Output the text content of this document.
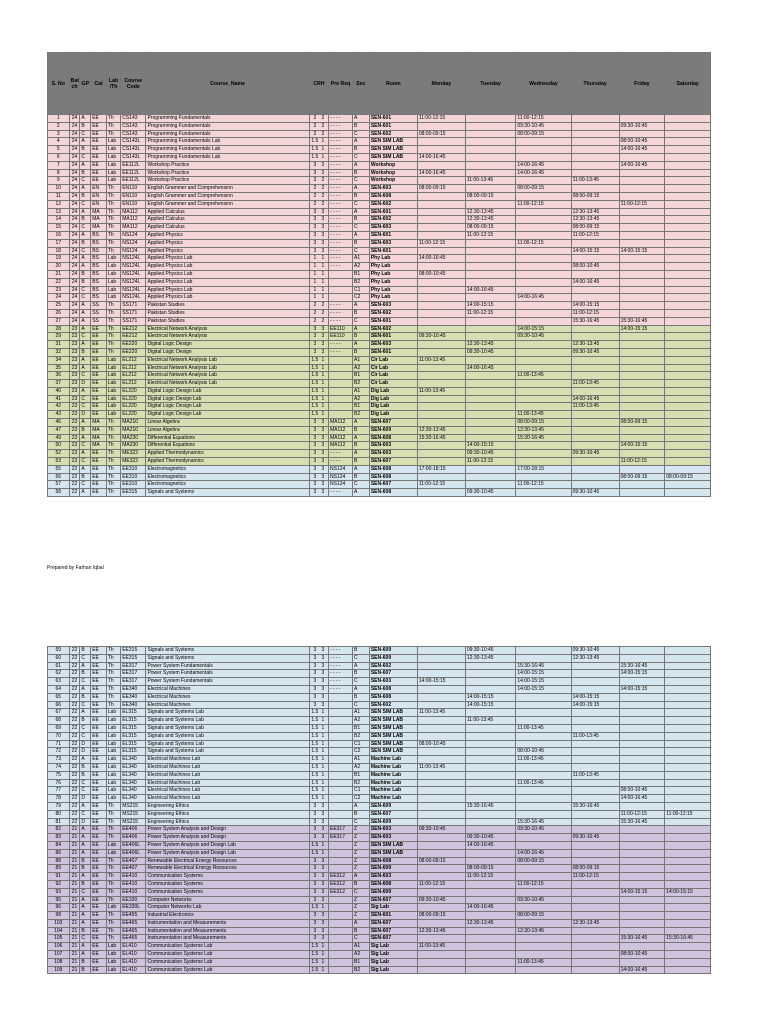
S. No	Bat ch	GP	Cat	Lab /Th	Course Code	Course_Name	CRH	Pre Req	Sec	Room	Monday	Tuesday	Wednesday	Thursday	Friday	Saturday
1	24	A	EE	Th	CS143	Programming Fundamentals	2 2	- - - -	A	SEN-601	11:00-12:15		11:00-12:15			
2	24	B	EE	Th	CS143	Programming Fundamentals	2 2	- - - -	B	SEN-601			09:30-10:45		09:30-10:45	
3	24	C	EE	Th	CS143	Programming Fundamentals	2 2	- - - -	C	SEN-602	08:00-09:15		08:00-09:15			
4	24	A	EE	Lab	CS143L	Programming Fundamentals Lab	1.5 1	- - - -	A	SEN SIM LAB					08:00-10:45	
5	24	B	EE	Lab	CS143L	Programming Fundamentals Lab	1.5 1	- - - -	B	SEN SIM LAB					14:00-16:45	
6	24	C	EE	Lab	CS143L	Programming Fundamentals Lab	1.5 1	- - - -	C	SEN SIM LAB	14:00-16:45					
7	24	A	EE	Lab	EE112L	Workshop Practice	3 2	- - - -	A	Workshop			14:00-16:45		14:00-16:45	
8	24	B	EE	Lab	EE112L	Workshop Practice	3 2	- - - -	B	Workshop	14:00-16:45		14:00-16:45			
9	24	C	EE	Lab	EE112L	Workshop Practice	3 2	- - - -	C	Workshop		11:00-13:45		11:00-13:45		
10	24	A	EN	Th	EN110	English Grammer and Comprehension	2 2	- - - -	A	SEN-603	08:00-09:15		08:00-09:15			
11	24	B	EN	Th	EN110	English Grammer and Comprehension	2 2	- - - -	B	SEN-608		08:00-09:15		08:00-09:15		
12	24	C	EN	Th	EN110	English Grammer and Comprehension	2 2	- - - -	C	SEN-602			11:00-12:15		11:00-12:15	
13	24	A	MA	Th	MA112	Applied Calculus	3 3	- - - -	A	SEN-601		12:30-13:45		12:30-13:45		
14	24	B	MA	Th	MA112	Applied Calculus	3 3	- - - -	B	SEN-602		12:30-13:45		12:30-13:45		
15	24	C	MA	Th	MA112	Applied Calculus	3 3	- - - -	C	SEN-603		08:00-09:15		08:00-09:15		
16	24	A	BS	Th	NS124	Applied Physics	3 3	- - - -	A	SEN-601		11:00-12:15		11:00-12:15		
17	24	B	BS	Th	NS124	Applied Physics	3 3	- - - -	B	SEN-603	11:00-12:15		11:00-12:15			
18	24	C	BS	Th	NS124	Applied Physics	3 3	- - - -	C	SEN-601				14:00-15:15	14:00-15:15	
19	24	A	BS	Lab	NS124L	Applied Physics Lab	1 1	- - - -	A1	Phy Lab	14:00-16:45					
20	24	A	BS	Lab	NS124L	Applied Physics Lab	1 1	- - - -	A2	Phy Lab				08:00-10:45		
21	24	B	BS	Lab	NS124L	Applied Physics Lab	1 1		B1	Phy Lab	08:00-10:45					
22	24	B	BS	Lab	NS124L	Applied Physics Lab	1 1		B2	Phy Lab				14:00-16:45		
23	24	C	BS	Lab	NS124L	Applied Physics Lab	1 1		C1	Phy Lab		14:00-16:45				
24	24	C	BS	Lab	NS124L	Applied Physics Lab	1 1		C2	Phy Lab			14:00-16:45			
25	24	A	SS	Th	SS171	Pakistan Studies	2 2	- - - -	A	SEN-603		14:00-15:15		14:00-15:15		
26	24	A	SS	Th	SS171	Pakistan Studies	2 2	- - - -	B	SEN-602		11:00-12:15		11:00-12:15		
27	24	A	SS	Th	SS171	Pakistan Studies	2 2	- - - -	C	SEN-601				15:30-16:45	15:30-16:45	
28	23	A	EE	Th	EE212	Electrical Network Analysis	3 3	EE110	A	SEN-602			14:00-15:15		14:00-15:15	
29	23	C	EE	Th	EE212	Electrical Network Analysis	3 3	EE110	B	SEN-601	09:30-10:45		09:30-10:45			
31	23	A	EE	Th	EE220	Digital Logic Design	3 3	- - - -	A	SEN-603		12:30-13:45		12:30-13:45		
32	23	B	EE	Th	EE220	Digital Logic Design	3 3	- - - -	B	SEN-601		09:30-10:45		09:30-10:45		
34	23	A	EE	Lab	EL212	Electrical Network Analysis Lab	1.5 1		A1	Cir Lab	11:00-13:45					
35	23	A	EE	Lab	EL212	Electrical Network Analysis Lab	1.5 1		A2	Cir Lab		14:00-16:45				
36	23	C	EE	Lab	EL212	Electrical Network Analysis Lab	1.5 1		B1	Cir Lab			11:00-13:45			
37	23	D	EE	Lab	EL212	Electrical Network Analysis Lab	1.5 1		B2	Cir Lab				11:00-13:45		
40	23	A	EE	Lab	EL220	Digital Logic Design Lab	1.5 1		A1	Dig Lab	11:00-13:45					
41	23	C	EE	Lab	EL220	Digital Logic Design Lab	1.5 1		A2	Dig Lab				14:00-16:45		
42	23	C	EE	Lab	EL220	Digital Logic Design Lab	1.5 1		B1	Dig Lab				11:00-13:45		
43	23	D	EE	Lab	EL220	Digital Logic Design Lab	1.5 1		B2	Dig Lab			11:00-13:45			
46	23	A	MA	Th	MA210	Linear Algebra	3 3	MA112	A	SEN-607			08:00-09:15		08:00-09:15	
47	23	B	MA	Th	MA210	Linear Algebra	3 3	MA112	B	SEN-609	12:30-13:45		12:30-13:45			
49	23	A	MA	Th	MA230	Differential Equations	3 3	MA112	A	SEN-608	15:30-16:45		15:30-16:45			
50	23	C	MA	Th	MA230	Differential Equations	3 3	MA112	B	SEN-603		14:00-15:15			14:00-15:15	
52	23	A	EE	Th	ME322	Applied Thermodynamics	3 3	- - - -	A	SEN-603		09:30-10:45		09:30-10:45		
53	23	C	EE	Th	ME322	Applied Thermodynamics	3 3	- - - -	B	SEN-607		11:00-12:15			11:00-12:15	
55	22	A	EE	Th	EE310	Electromagnetics	3 3	NS124	A	SEN-608	17:00-18:15		17:00-18:15			
56	22	B	EE	Th	EE310	Electromagnetics	3 3	NS124	B	SEN-608					08:00-09:15	08:00-09:15
57	22	C	EE	Th	EE310	Electromagnetics	3 3	NS124	C	SEN-607	11:00-12:15		11:00-12:15			
58	22	A	EE	Th	EE315	Signals and Systems	3 3	- - - -	A	SEN-608		09:30-10:45		09:30-10:45		
Prepared by Farhan Iqbal
59	22	B	EE	Th	EE315	Signals and Systems	3 3	- - - -	B	SEN-609		09:30-10:45		09:30-10:45		
60	22	C	EE	Th	EE315	Signals and Systems	3 3	- - - -	C	SEN-609		12:30-13:45		12:30-13:45		
61	22	A	EE	Th	EE317	Power System Fundamentals	3 3	- - - -	A	SEN-602			15:30-16:45		15:30-16:45	
62	22	B	EE	Th	EE317	Power System Fundamentals	3 3	- - - -	B	SEN-607			14:00-15:15		14:00-15:15	
63	22	C	EE	Th	EE317	Power System Fundamentals	3 3	- - - -	C	SEN-603	14:00-15:15		14:00-15:15			
64	22	A	EE	Th	EE340	Electrical Machines	3 3	- - - -	A	SEN-608			14:00-15:15		14:00-15:15	
65	22	B	EE	Th	EE340	Electrical Machines	3 3		B	SEN-608		14:00-15:15		14:00-15:15		
66	22	C	EE	Th	EE340	Electrical Machines	3 3		C	SEN-602		14:00-15:15		14:00-15:15		
67	22	A	EE	Lab	EL315	Signals and Systems Lab	1.5 1		A1	SEN SIM LAB	11:00-13:45					
68	22	B	EE	Lab	EL315	Signals and Systems Lab	1.5 1		A2	SEN SIM LAB		11:00-13:45				
69	22	C	EE	Lab	EL315	Signals and Systems Lab	1.5 1		B1	SEN SIM LAB			11:00-13:45			
70	22	C	EE	Lab	EL315	Signals and Systems Lab	1.5 1		B2	SEN SIM LAB				11:00-13:45		
71	22	D	EE	Lab	EL315	Signals and Systems Lab	1.5 1		C1	SEN SIM LAB	08:00-10:45					
72	22	D	EE	Lab	EL315	Signals and Systems Lab	1.5 1		C2	SEN SIM LAB			08:00-10:45			
73	22	A	EE	Lab	EL340	Electrical Machines Lab	1.5 1		A1	Machine Lab			11:00-13:45			
74	22	B	EE	Lab	EL340	Electrical Machines Lab	1.5 1		A2	Machine Lab	11:00-13:45					
75	22	B	EE	Lab	EL340	Electrical Machines Lab	1.5 1		B1	Machine Lab				11:00-13:45		
76	22	C	EE	Lab	EL340	Electrical Machines Lab	1.5 1		B2	Machine Lab			11:00-13:45			
77	22	C	EE	Lab	EL340	Electrical Machines Lab	1.5 1		C1	Machine Lab					08:00-10:45	
78	22	D	EE	Lab	EL340	Electrical Machines Lab	1.5 1		C2	Machine Lab					14:00-16:45	
79	22	A	EE	Th	MS215	Engineering Ethics	3 3		A	SEN-609		15:30-16:45		15:30-16:45		
80	22	C	EE	Th	MS215	Engineering Ethics	3 3		B	SEN-607					11:00-12:15	11:00-12:15
81	22	D	EE	Th	MS215	Engineering Ethics	3 3		C	SEN-609			15:30-16:45		15:30-16:45	
82	21	A	EE	Th	EE406	Power System Analysis and Design	3 3	EE317	Z	SEN-603	09:30-10:45		09:30-10:45			
83	21	A	EE	Th	EE406	Power System Analysis and Design	3 3	EE317	Z	SEN-603		09:30-10:45		09:30-10:45		
84	21	A	EE	Lab	EE406L	Power System Analysis and Design Lab	1.5 1		Z	SEN SIM LAB		14:00-16:45				
86	21	A	EE	Lab	EE406L	Power System Analysis and Design Lab	1.5 1		Z	SEN SIM LAB			14:00-16:45			
88	21	B	EE	Th	EE407	Renewable Electrical Energy Resources	3 3		Z	SEN-608	08:00-09:15		08:00-09:15			
89	21	B	EE	Th	EE407	Renewable Electrical Energy Resources	3 3		Z	SEN-609		08:00-09:15		08:00-09:15		
91	21	A	EE	Th	EE410	Communication Systems	3 3	EE312	A	SEN-603		11:00-12:15		11:00-12:15		
92	21	B	EE	Th	EE410	Communication Systems	3 3	EE312	B	SEN-608	11:00-12:15		11:00-12:15			
93	21	C	EE	Th	EE410	Communication Systems	3 3	EE312	C	SEN-609					14:00-15:15	14:00-15:15
95	21	A	EE	Th	EE330	Computer Networks	3 3		Z	SEN-607	09:30-10:45		09:30-10:45			
96	21	A	EE	Lab	EE330L	Computer Networks Lab	1.5 1		Z	Sig Lab		14:00-16:45				
98	21	A	EE	Th	EE455	Industrial Electronics	3 3		Z	SEN-601	08:00-09:15		08:00-09:15			
103	21	A	EE	Th	EE465	Instrumentation and Measurements	3 3		A	SEN-607		12:30-13:45		12:30-13:45		
104	21	B	EE	Th	EE465	Instrumentation and Measurements	3 3		B	SEN-607	12:30-13:45		12:30-13:45			
105	21	C	EE	Th	EE465	Instrumentation and Measurements	3 3		C	SEN-607					15:30-16:45	15:30-16:45
106	21	A	EE	Lab	EL410	Communication Systems Lab	1.5 1		A1	Sig Lab	11:00-13:45					
107	21	A	EE	Lab	EL410	Communication Systems Lab	1.5 1		A2	Sig Lab					08:00-10:45	
108	21	B	EE	Lab	EL410	Communication Systems Lab	1.5 1		B1	Sig Lab			11:00-13:45			
109	21	B	EE	Lab	EL410	Communication Systems Lab	1.5 1		B2	Sig Lab					14:00-16:45	
